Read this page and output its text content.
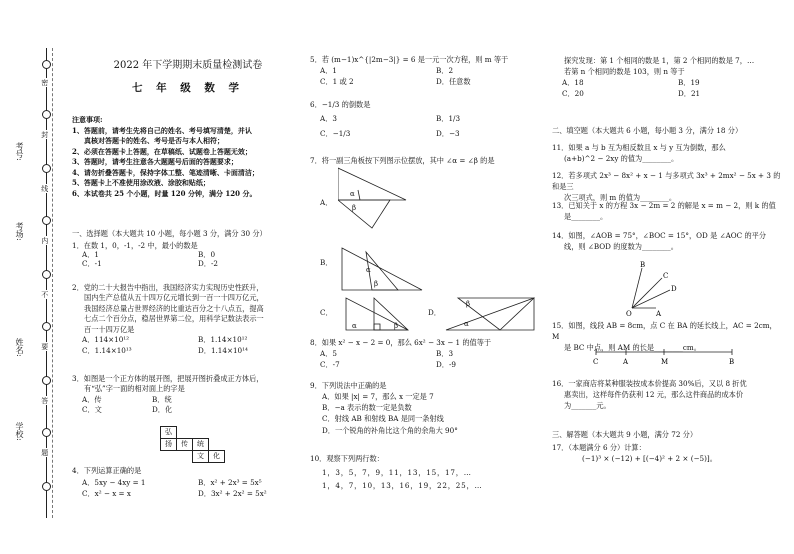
密
封
线
内
不
要
答
题
考号:
考场:
姓名:
学校:
2022 年下学期期末质量检测试卷
七 年 级 数 学
注意事项:
1、答题前，请考生先将自己的姓名、考号填写清楚，并认
真核对答题卡的姓名、考号是否与本人相符；
2、必须在答题卡上答题，在草稿纸、试题卷上答题无效；
3、答题时，请考生注意各大题题号后面的答题要求；
4、请勿折叠答题卡，保持字体工整、笔迹清晰、卡面清洁；
5、答题卡上不准使用涂改液、涂胶和贴纸；
6、本试卷共 25 个小题，时量 120 分钟，满分 120 分。
一、选择题（本大题共 10 小题，每小题 3 分，满分 30 分）
1．在数 1，0，-1，-2 中，最小的数是
A．1	B．0
C．-1	D．-2
2．党的二十大报告中指出，我国经济实力实现历史性跃升，
国内生产总值从五十四万亿元增长到一百一十四万亿元，
我国经济总量占世界经济的比重达百分之十八点五，提高
七点二个百分点，稳居世界第二位，用科学记数法表示一
百一十四万亿是
A．114×10¹²	B．1.14×10¹²
C．1.14×10¹³	D．1.14×10¹⁴
3．如图是一个正方体的展开图，把展开图折叠成正方体后，
有“弘”字一面的相对面上的字是
A．传	B．统
C．文	D．化
弘			
扬	传	统	
		文	化
4．下列运算正确的是
A．5xy − 4xy = 1	B．x² + 2x³ = 5x⁵
C．x² − x = x	D．3x² + 2x² = 5x²
5．若 (m−1)x^{|2m−3|} = 6 是一元一次方程，则 m 等于
A．1	B．2
C．1 或 2	D．任意数
6．−1/3 的倒数是
A．3	B．1/3
C．−1/3	D．−3
7．将一副三角板按下列图示位摆放，其中 ∠α = ∠β 的是
A．
B．
C．	D．
α
β
α
β
α	β	α
β
8．如果 x² − x − 2 = 0，那么 6x² − 3x − 1 的值等于
A．5	B．3
C．-7	D．-9
9．下列说法中正确的是
A．如果 |x| = 7，那么 x 一定是 7
B．−a 表示的数一定是负数
C．射线 AB 和射线 BA 是同一条射线
D．一个锐角的补角比这个角的余角大 90°
10．观察下列两行数：
1，3，5，7，9，11，13，15，17，…
1，4，7，10，13，16，19，22，25，…
探究发现：第 1 个相同的数是 1，第 2 个相同的数是 7，…
若第 n 个相同的数是 103，则 n 等于
A．18	B．19
C．20	D．21
二、填空题（本大题共 6 小题，每小题 3 分，满分 18 分）
11．如果 a 与 b 互为相反数且 x 与 y 互为倒数，那么
(a+b)^2 − 2xy 的值为________。
12．若多项式 2x³ − 8x² + x − 1 与多项式 3x³ + 2mx² − 5x + 3 的和是三
次三项式，则 m 的值为________。
13．已知关于 x 的方程 3x − 2m = 2 的解是 x = m − 2，则 k 的值
是________。
14．如图，∠AOB = 75°，∠BOC = 15°，OD 是 ∠AOC 的平分
线，则 ∠BOD 的度数为________。
B
C
D
O	A
15．如图，线段 AB = 8cm，点 C 在 BA 的延长线上，AC = 2cm，M
是 BC 中点，则 AM 的长是________cm。
C	A	M	B
16．一家商店将某种服装按成本价提高 30%后，又以 8 折优
惠卖出，这样每件仍获利 12 元，那么这件商品的成本价
为_______元。
三、解答题（本大题共 9 小题，满分 72 分）
17．（本题满分 6 分）计算：
(−1)³ × (−12) + [(−4)² + 2 × (−5)]。
